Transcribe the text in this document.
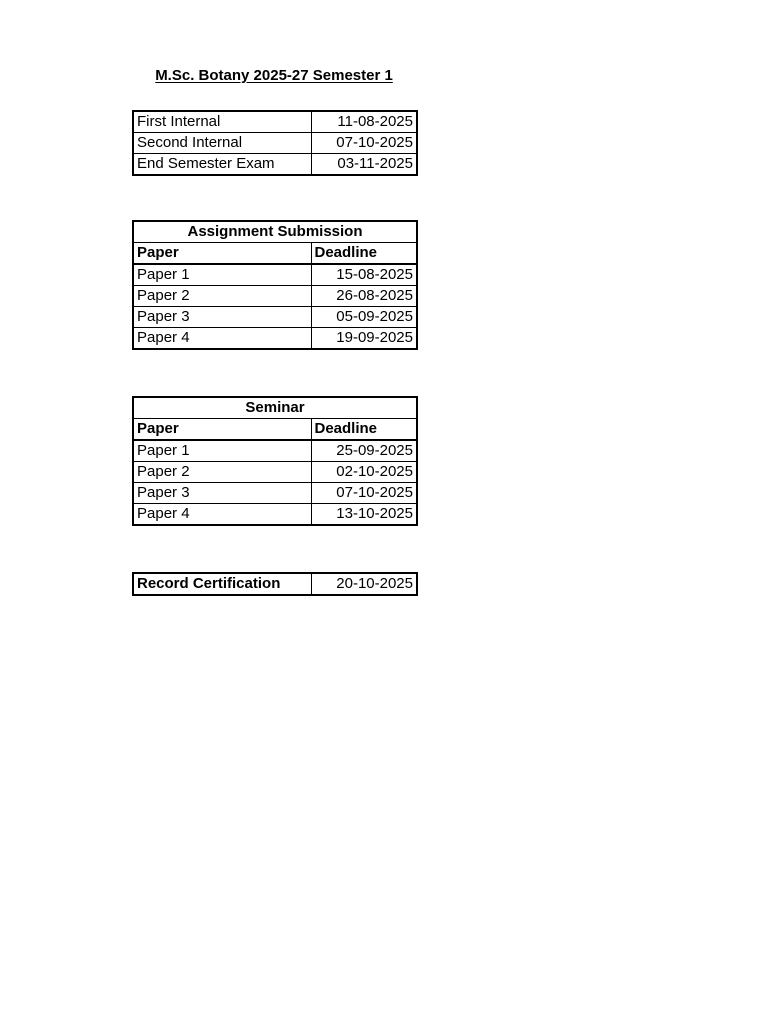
M.Sc. Botany 2025-27 Semester 1
First Internal	11-08-2025
Second Internal	07-10-2025
End Semester Exam	03-11-2025
Assignment Submission	
Paper	Deadline
Paper 1	15-08-2025
Paper 2	26-08-2025
Paper 3	05-09-2025
Paper 4	19-09-2025
Seminar	
Paper	Deadline
Paper 1	25-09-2025
Paper 2	02-10-2025
Paper 3	07-10-2025
Paper 4	13-10-2025
Record Certification	20-10-2025
